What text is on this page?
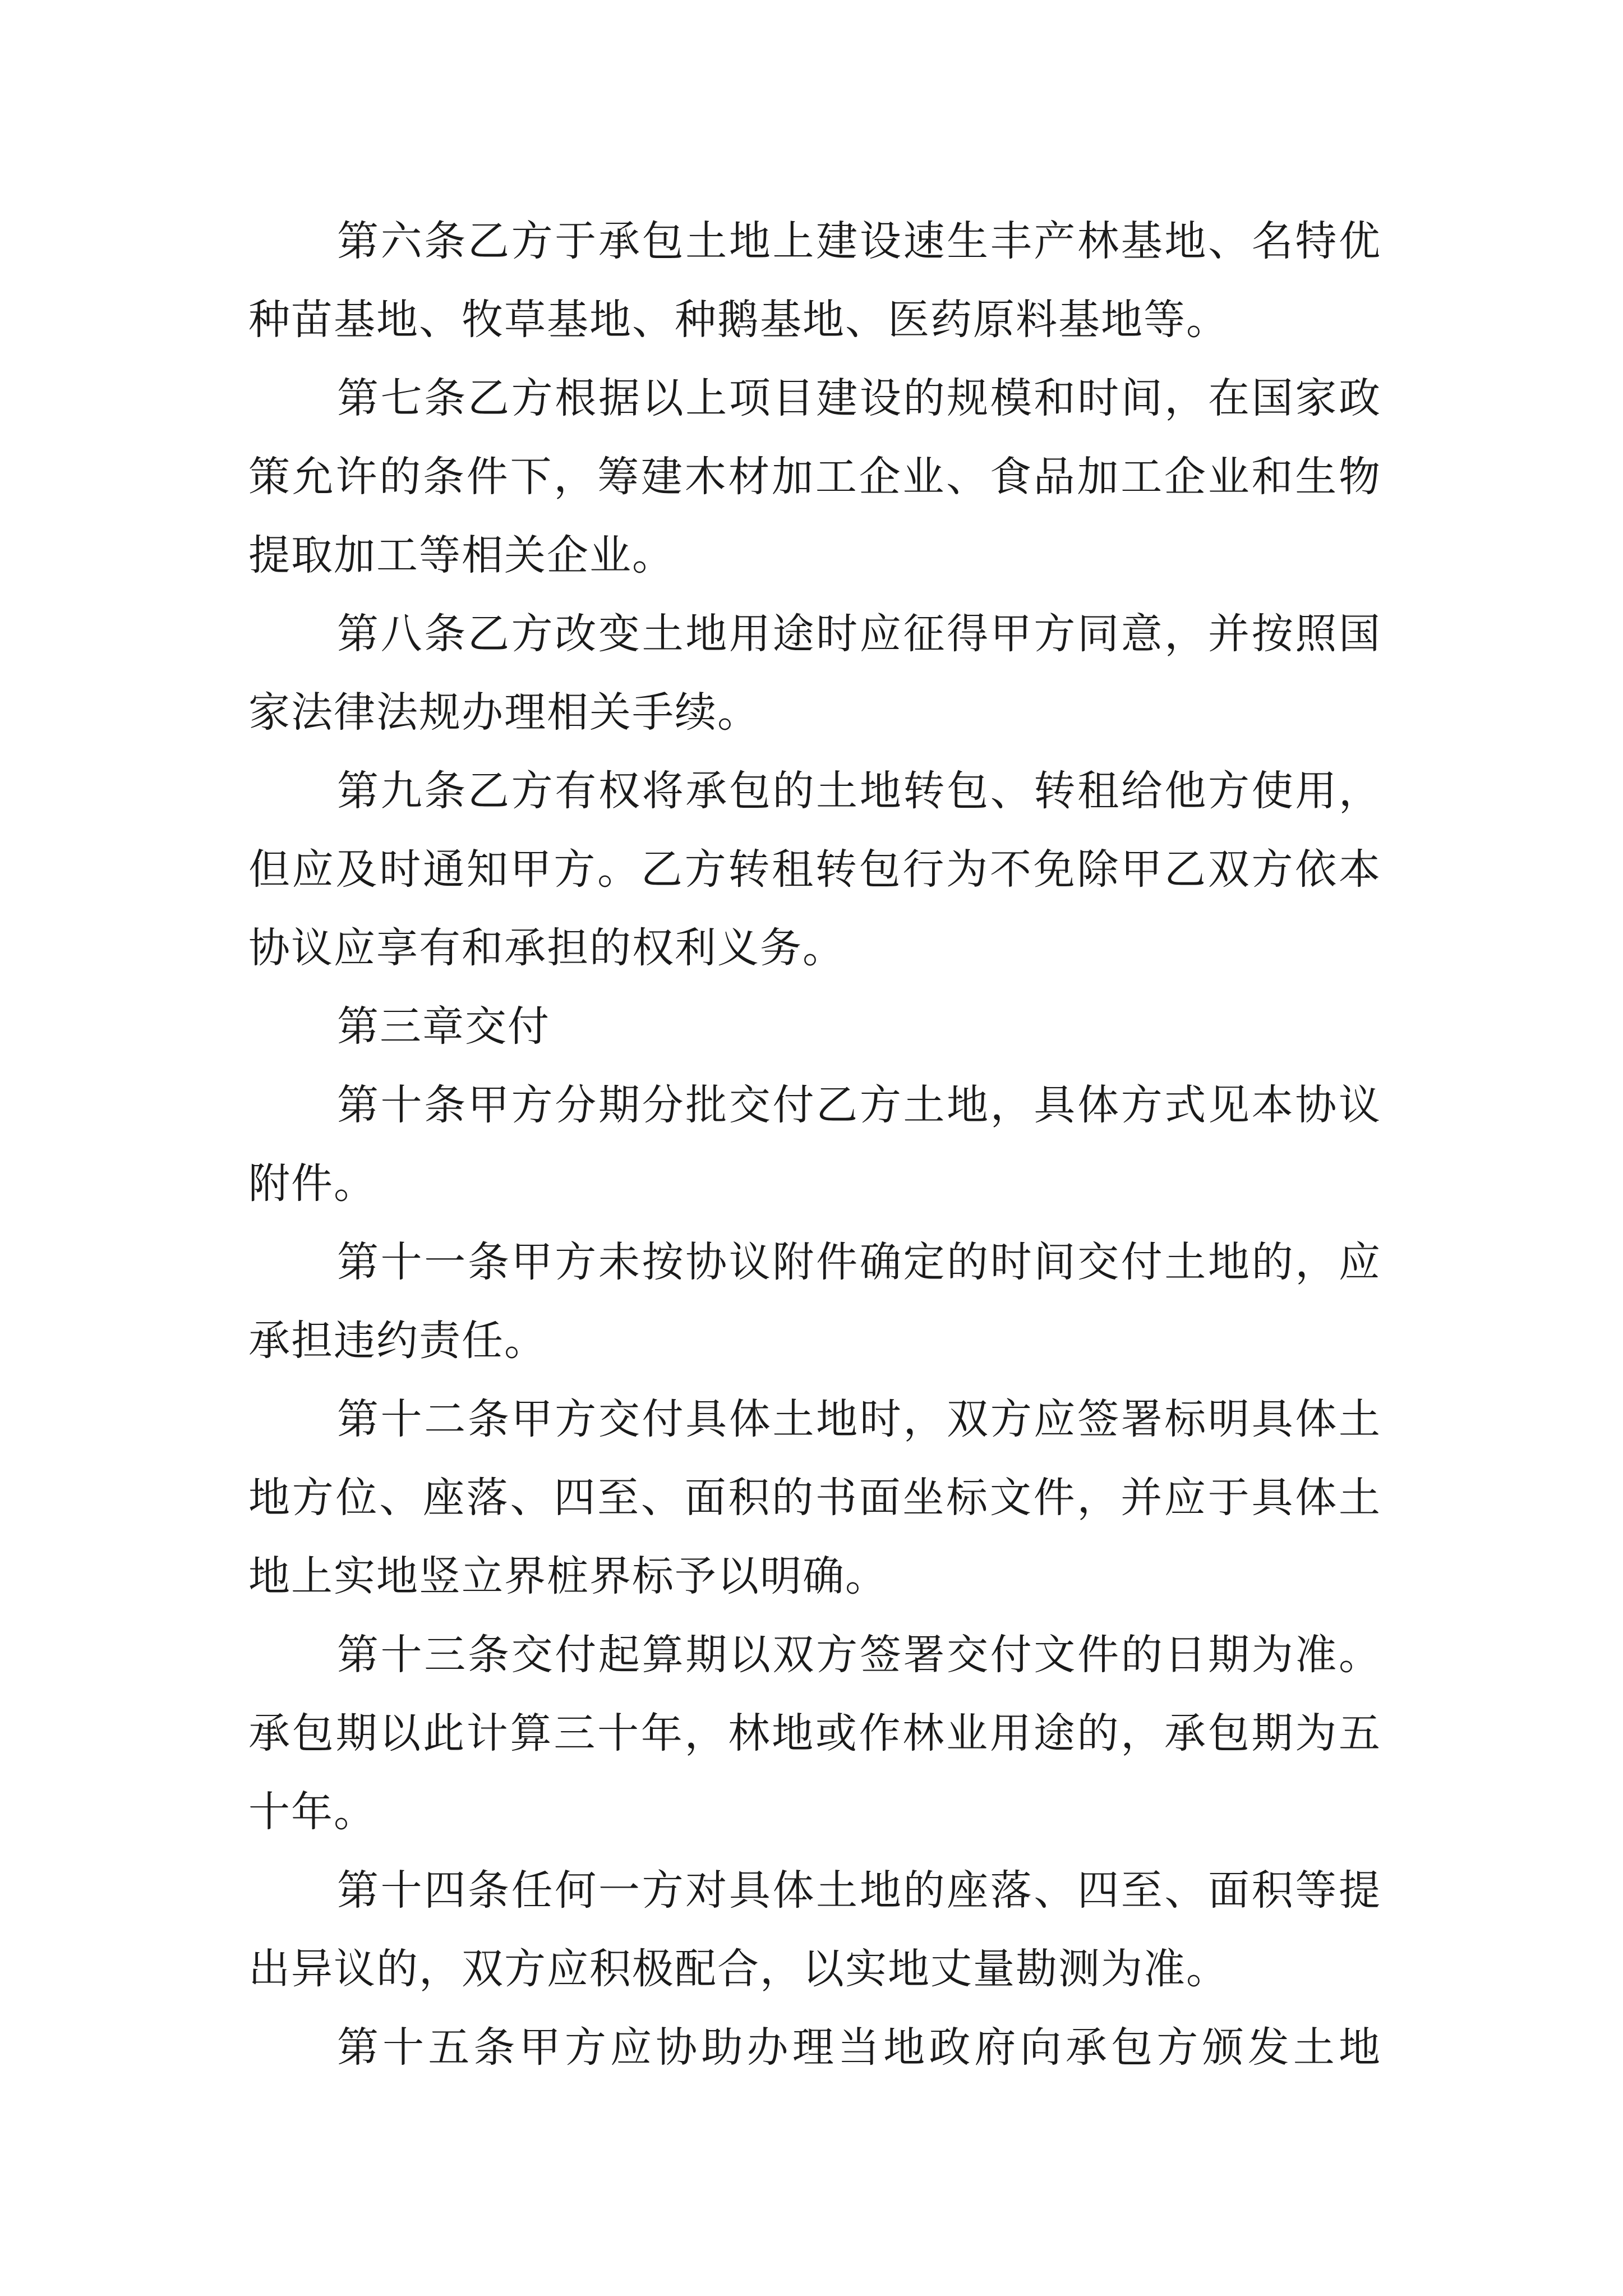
第六条乙方于承包土地上建设速生丰产林基地、名特优

种苗基地、牧草基地、种鹅基地、医药原料基地等。

第七条乙方根据以上项目建设的规模和时间，在国家政

策允许的条件下，筹建木材加工企业、食品加工企业和生物

提取加工等相关企业。

第八条乙方改变土地用途时应征得甲方同意，并按照国

家法律法规办理相关手续。

第九条乙方有权将承包的土地转包、转租给他方使用，

但应及时通知甲方。乙方转租转包行为不免除甲乙双方依本

协议应享有和承担的权利义务。

第三章交付

第十条甲方分期分批交付乙方土地，具体方式见本协议

附件。

第十一条甲方未按协议附件确定的时间交付土地的，应

承担违约责任。

第十二条甲方交付具体土地时，双方应签署标明具体土

地方位、座落、四至、面积的书面坐标文件，并应于具体土

地上实地竖立界桩界标予以明确。

第十三条交付起算期以双方签署交付文件的日期为准。

承包期以此计算三十年，林地或作林业用途的，承包期为五

十年。

第十四条任何一方对具体土地的座落、四至、面积等提

出异议的，双方应积极配合，以实地丈量勘测为准。

第十五条甲方应协助办理当地政府向承包方颁发土地
